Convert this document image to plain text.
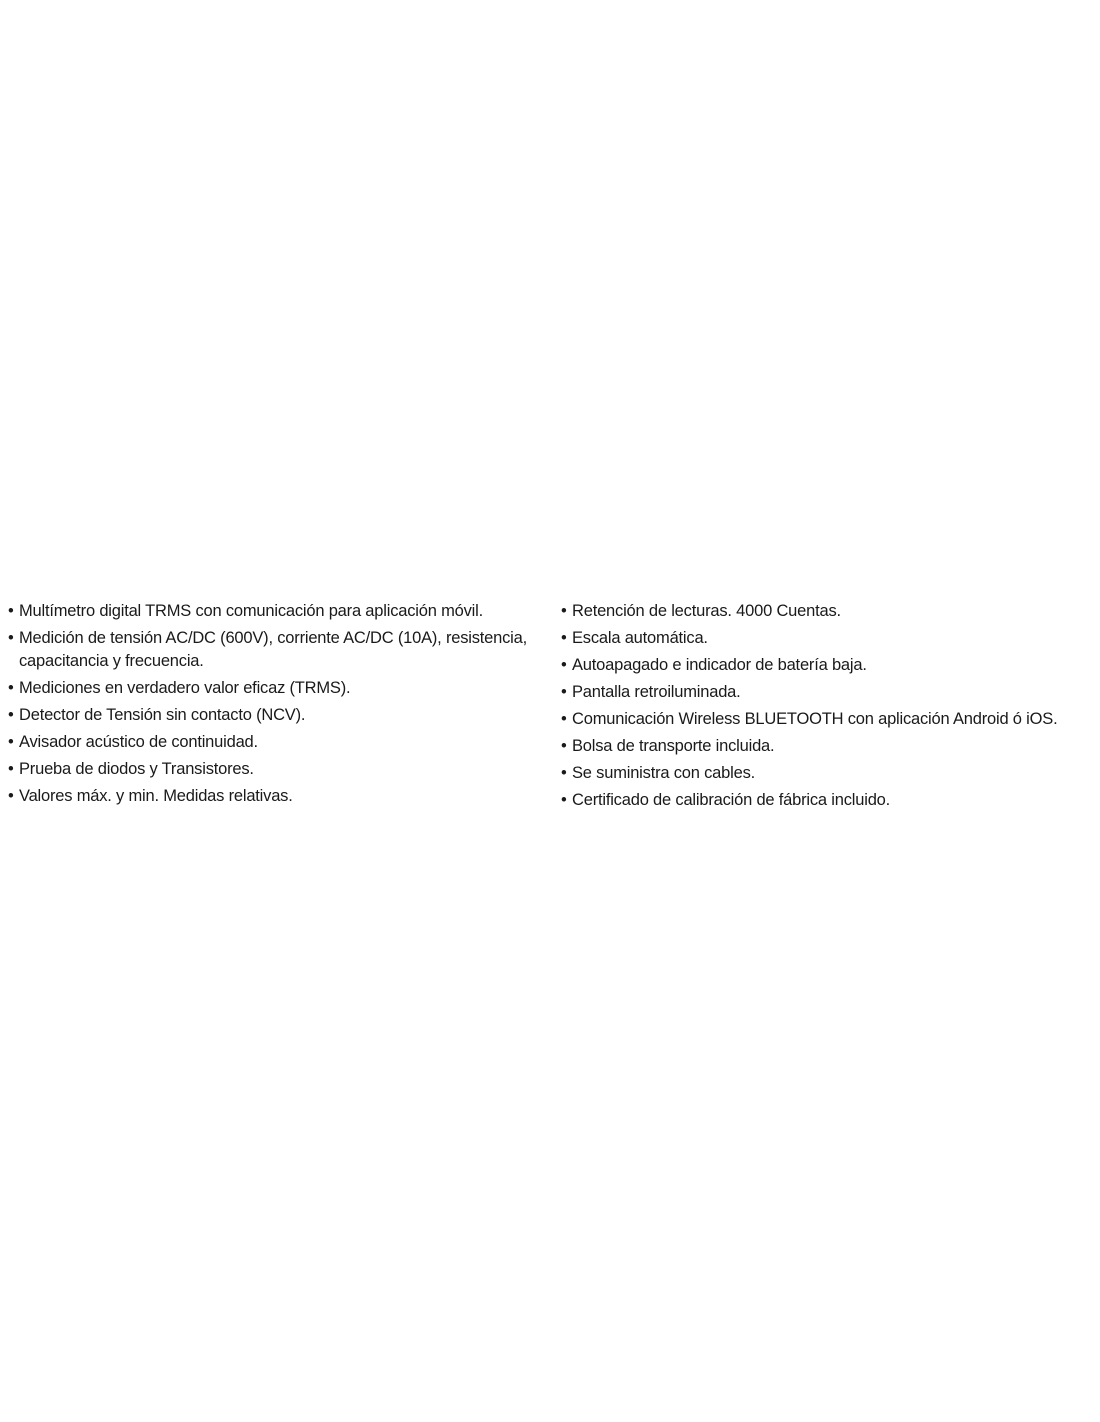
• Multímetro digital TRMS con comunicación para aplicación móvil.
• Medición de tensión AC/DC (600V), corriente AC/DC (10A), resistencia, capacitancia y frecuencia.
• Mediciones en verdadero valor eficaz (TRMS).
• Detector de Tensión sin contacto (NCV).
• Avisador acústico de continuidad.
• Prueba de diodos y Transistores.
• Valores máx. y min. Medidas relativas.
• Retención de lecturas. 4000 Cuentas.
• Escala automática.
• Autoapagado e indicador de batería baja.
• Pantalla retroiluminada.
• Comunicación Wireless BLUETOOTH con aplicación Android ó iOS.
• Bolsa de transporte incluida.
• Se suministra con cables.
• Certificado de calibración de fábrica incluido.
